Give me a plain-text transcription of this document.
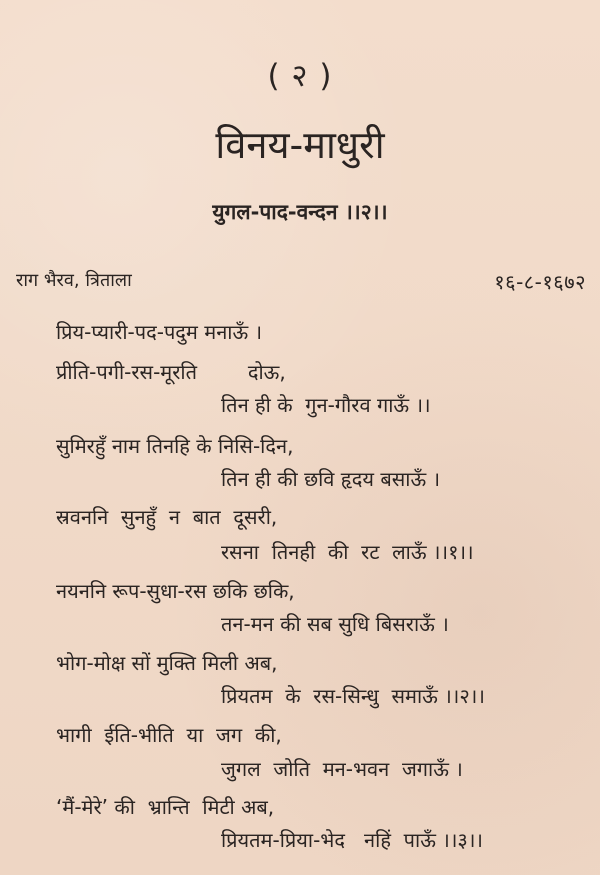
( २ )
विनय-माधुरी
युगल-पाद-वन्दन ।।२।।
राग भैरव, त्रिताला	१६-८-१६७२
प्रिय-प्यारी-पद-पदुम मनाऊँ ।
प्रीति-पगी-रस-मूरति        दोऊ,
तिन ही के  गुन-गौरव गाऊँ ।।
सुमिरहुँ नाम तिनहि के निसि-दिन,
तिन ही की छवि हृदय बसाऊँ ।
स्रवननि  सुनहुँ  न  बात  दूसरी,
रसना  तिनही  की  रट  लाऊँ ।।१।।
नयननि रूप-सुधा-रस छकि छकि,
तन-मन की सब सुधि बिसराऊँ ।
भोग-मोक्ष सों मुक्ति मिली अब,
प्रियतम  के  रस-सिन्धु  समाऊँ ।।२।।
भागी  ईति-भीति  या  जग  की,
जुगल  जोति  मन-भवन  जगाऊँ ।
‘मैं-मेरे’ की  भ्रान्ति  मिटी अब,
प्रियतम-प्रिया-भेद   नहिं  पाऊँ ।।३।।
